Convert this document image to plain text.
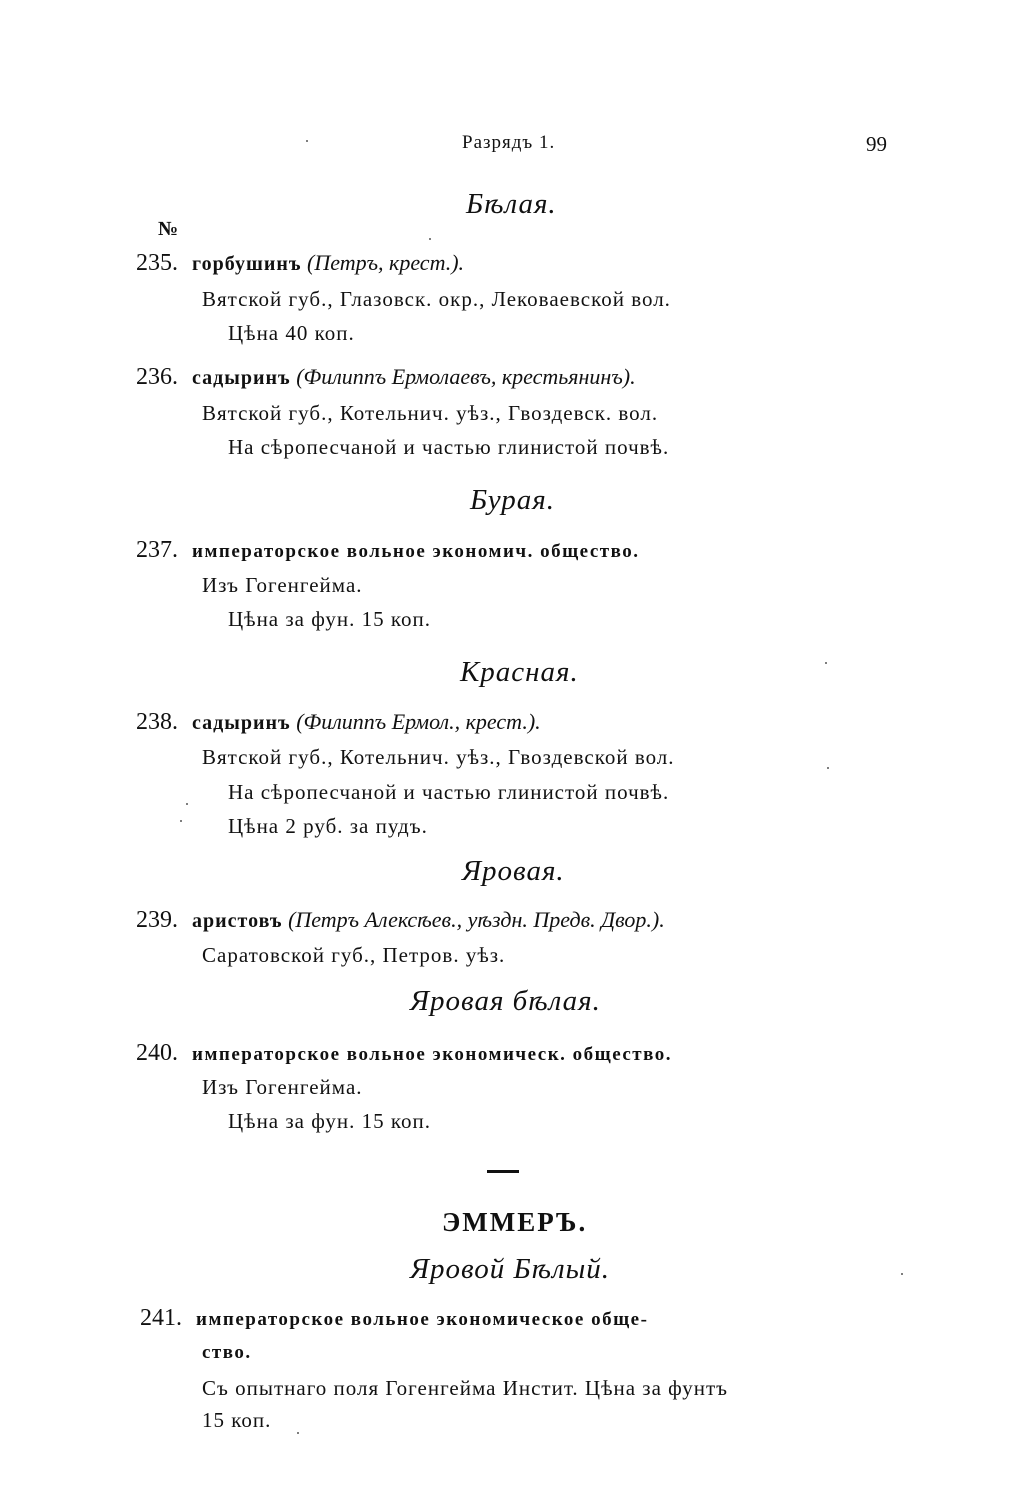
Разрядъ 1.	99
Бѣлая.
№
235. горбушинъ (Петръ, крест.).
Вятской губ., Глазовск. окр., Лековаевской вол.
Цѣна 40 коп.
236. садыринъ (Филиппъ Ермолаевъ, крестьянинъ).
Вятской губ., Котельнич. уѣз., Гвоздевск. вол.
На сѣропесчаной и частью глинистой почвѣ.
Бурая.
237. императорское вольное экономич. общество.
Изъ Гогенгейма.
Цѣна за фун. 15 коп.
Красная.
238. садыринъ (Филиппъ Ермол., крест.).
Вятской губ., Котельнич. уѣз., Гвоздевской вол.
На сѣропесчаной и частью глинистой почвѣ.
Цѣна 2 руб. за пудъ.
Яровая.
239. аристовъ (Петръ Алексѣев., уѣздн. Предв. Двор.).
Саратовской губ., Петров. уѣз.
Яровая бѣлая.
240. императорское вольное экономическ. общество.
Изъ Гогенгейма.
Цѣна за фун. 15 коп.
ЭММЕРЪ.
Яровой Бѣлый.
241. императорское вольное экономическое обще-
ство.
Съ опытнаго поля Гогенгейма Инстит. Цѣна за фунтъ
15 коп.
